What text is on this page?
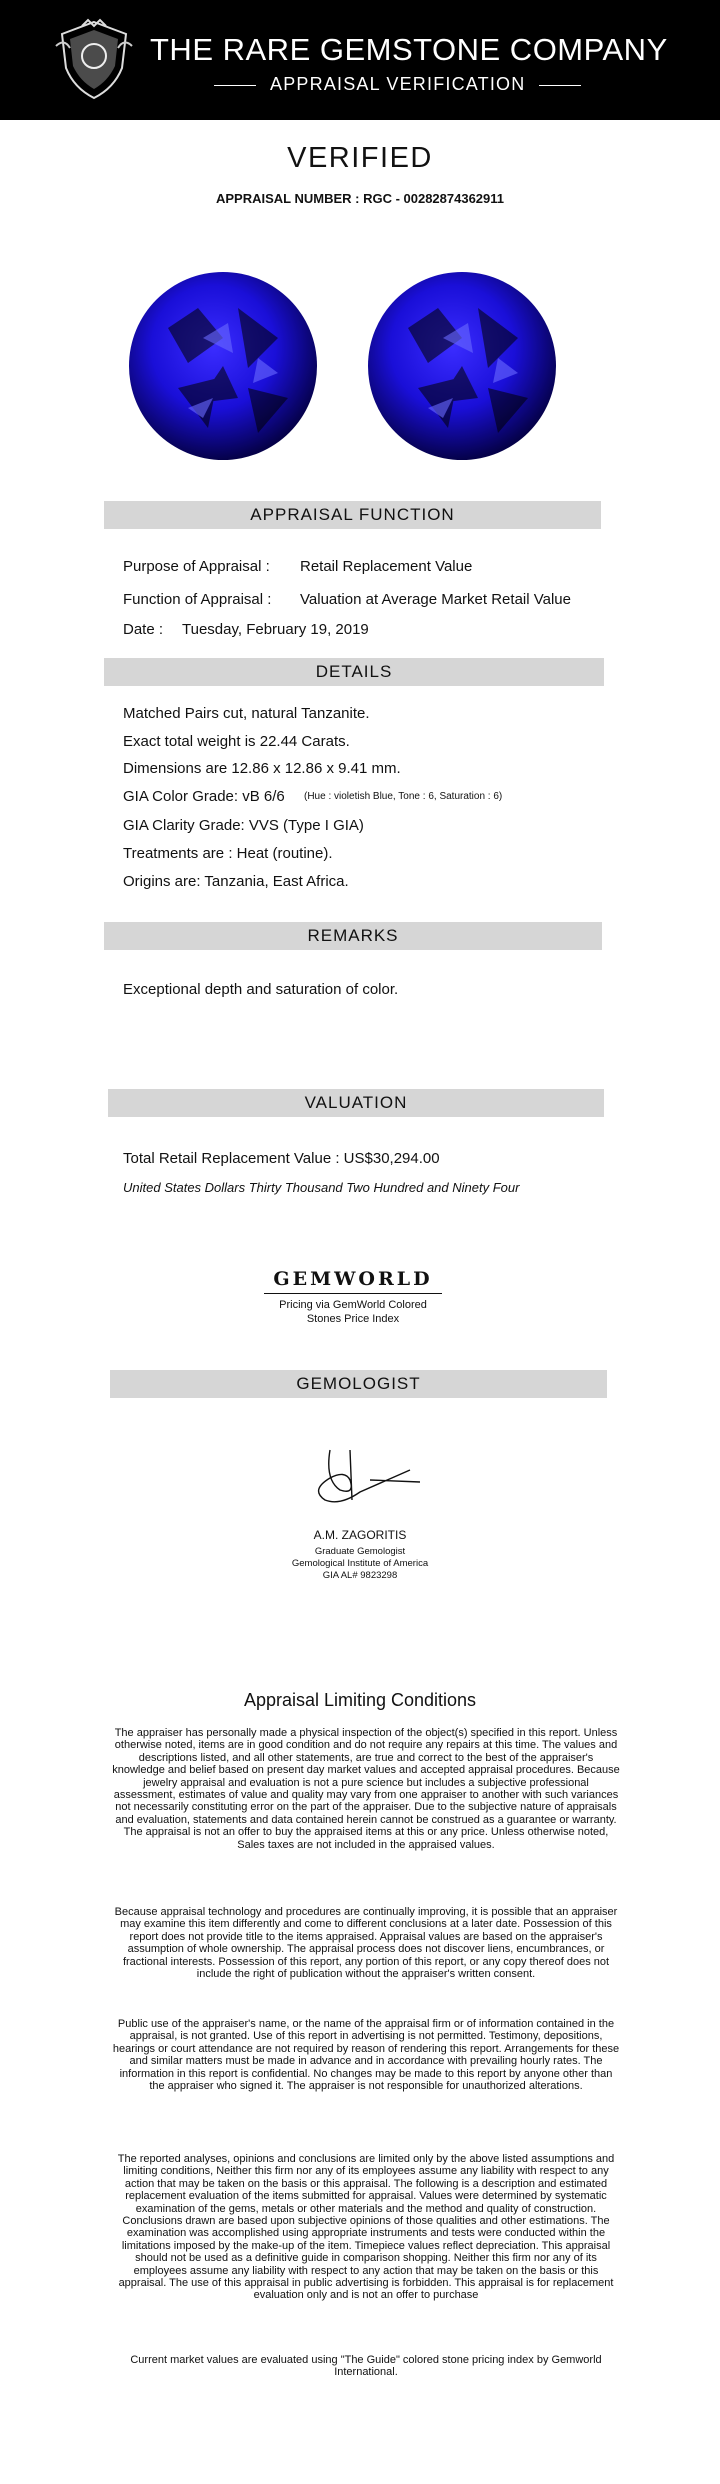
THE RARE GEMSTONE COMPANY
APPRAISAL VERIFICATION
VERIFIED
APPRAISAL NUMBER : RGC - 00282874362911
APPRAISAL FUNCTION
Purpose of Appraisal : Retail Replacement Value
Function of Appraisal : Valuation at Average Market Retail Value
Date : Tuesday, February 19, 2019
DETAILS
Matched Pairs cut, natural Tanzanite.
Exact total weight is 22.44 Carats.
Dimensions are 12.86 x 12.86 x 9.41 mm.
GIA Color Grade: vB 6/6 (Hue : violetish Blue, Tone : 6, Saturation : 6)
GIA Clarity Grade: VVS (Type I GIA)
Treatments are : Heat (routine).
Origins are: Tanzania, East Africa.
REMARKS
Exceptional depth and saturation of color.
VALUATION
Total Retail Replacement Value : US$30,294.00
United States Dollars Thirty Thousand Two Hundred and Ninety Four
GEMWORLD
Pricing via GemWorld Colored
Stones Price Index
GEMOLOGIST
A.M. ZAGORITIS
Graduate Gemologist
Gemological Institute of America
GIA AL# 9823298
Appraisal Limiting Conditions
The appraiser has personally made a physical inspection of the object(s) specified in this report. Unless otherwise noted, items are in good condition and do not require any repairs at this time. The values and descriptions listed, and all other statements, are true and correct to the best of the appraiser's knowledge and belief based on present day market values and accepted appraisal procedures. Because jewelry appraisal and evaluation is not a pure science but includes a subjective professional assessment, estimates of value and quality may vary from one appraiser to another with such variances not necessarily constituting error on the part of the appraiser. Due to the subjective nature of appraisals and evaluation, statements and data contained herein cannot be construed as a guarantee or warranty. The appraisal is not an offer to buy the appraised items at this or any price. Unless otherwise noted, Sales taxes are not included in the appraised values.
Because appraisal technology and procedures are continually improving, it is possible that an appraiser may examine this item differently and come to different conclusions at a later date. Possession of this report does not provide title to the items appraised. Appraisal values are based on the appraiser's assumption of whole ownership. The appraisal process does not discover liens, encumbrances, or fractional interests. Possession of this report, any portion of this report, or any copy thereof does not include the right of publication without the appraiser's written consent.
Public use of the appraiser's name, or the name of the appraisal firm or of information contained in the appraisal, is not granted. Use of this report in advertising is not permitted. Testimony, depositions, hearings or court attendance are not required by reason of rendering this report. Arrangements for these and similar matters must be made in advance and in accordance with prevailing hourly rates. The information in this report is confidential. No changes may be made to this report by anyone other than the appraiser who signed it. The appraiser is not responsible for unauthorized alterations.
The reported analyses, opinions and conclusions are limited only by the above listed assumptions and limiting conditions, Neither this firm nor any of its employees assume any liability with respect to any action that may be taken on the basis or this appraisal. The following is a description and estimated replacement evaluation of the items submitted for appraisal. Values were determined by systematic examination of the gems, metals or other materials and the method and quality of construction. Conclusions drawn are based upon subjective opinions of those qualities and other estimations. The examination was accomplished using appropriate instruments and tests were conducted within the limitations imposed by the make-up of the item. Timepiece values reflect depreciation. This appraisal should not be used as a definitive guide in comparison shopping. Neither this firm nor any of its employees assume any liability with respect to any action that may be taken on the basis or this appraisal. The use of this appraisal in public advertising is forbidden. This appraisal is for replacement evaluation only and is not an offer to purchase
Current market values are evaluated using "The Guide" colored stone pricing index by Gemworld International.
